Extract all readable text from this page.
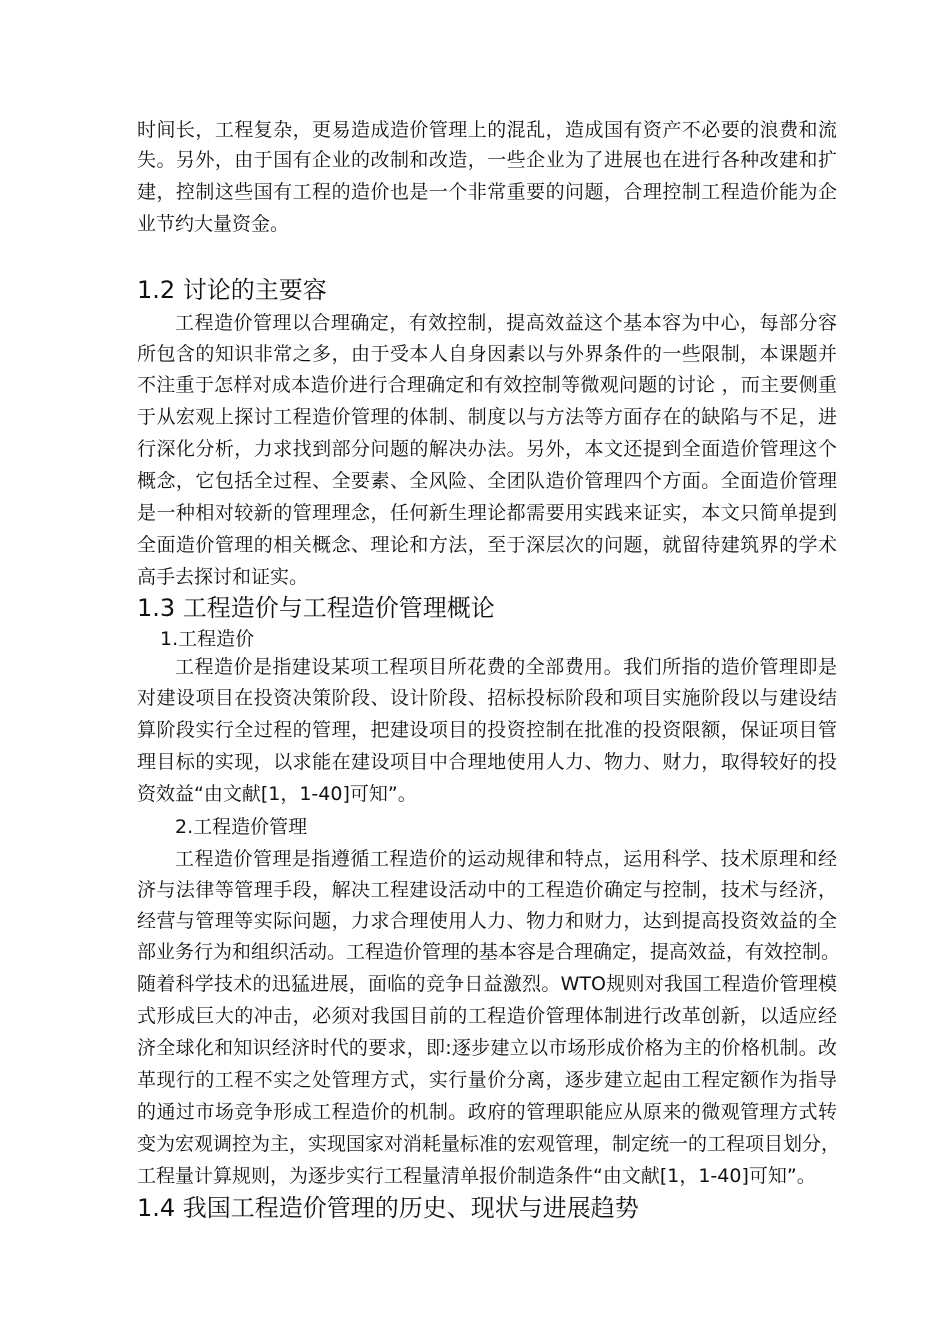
时间长，工程复杂，更易造成造价管理上的混乱，造成国有资产不必要的浪费和流
失。另外，由于国有企业的改制和改造，一些企业为了进展也在进行各种改建和扩
建，控制这些国有工程的造价也是一个非常重要的问题，合理控制工程造价能为企
业节约大量资金。
1.2 讨论的主要容
工程造价管理以合理确定，有效控制，提高效益这个基本容为中心，每部分容
所包含的知识非常之多，由于受本人自身因素以与外界条件的一些限制，本课题并
不注重于怎样对成本造价进行合理确定和有效控制等微观问题的讨论 ，而主要侧重
于从宏观上探讨工程造价管理的体制、制度以与方法等方面存在的缺陷与不足，进
行深化分析，力求找到部分问题的解决办法。另外，本文还提到全面造价管理这个
概念，它包括全过程、全要素、全风险、全团队造价管理四个方面。全面造价管理
是一种相对较新的管理理念，任何新生理论都需要用实践来证实，本文只简单提到
全面造价管理的相关概念、理论和方法，至于深层次的问题，就留待建筑界的学术
高手去探讨和证实。
1.3 工程造价与工程造价管理概论
1.工程造价
工程造价是指建设某项工程项目所花费的全部费用。我们所指的造价管理即是
对建设项目在投资决策阶段、设计阶段、招标投标阶段和项目实施阶段以与建设结
算阶段实行全过程的管理，把建设项目的投资控制在批准的投资限额，保证项目管
理目标的实现，以求能在建设项目中合理地使用人力、物力、财力，取得较好的投
资效益“由文献[1，1-40]可知”。
2.工程造价管理
工程造价管理是指遵循工程造价的运动规律和特点，运用科学、技术原理和经
济与法律等管理手段，解决工程建设活动中的工程造价确定与控制，技术与经济，
经营与管理等实际问题，力求合理使用人力、物力和财力，达到提高投资效益的全
部业务行为和组织活动。工程造价管理的基本容是合理确定，提高效益，有效控制。
随着科学技术的迅猛进展，面临的竞争日益激烈。WTO规则对我国工程造价管理模
式形成巨大的冲击，必须对我国目前的工程造价管理体制进行改革创新，以适应经
济全球化和知识经济时代的要求，即:逐步建立以市场形成价格为主的价格机制。改
革现行的工程不实之处管理方式，实行量价分离，逐步建立起由工程定额作为指导
的通过市场竞争形成工程造价的机制。政府的管理职能应从原来的微观管理方式转
变为宏观调控为主，实现国家对消耗量标准的宏观管理，制定统一的工程项目划分，
工程量计算规则，为逐步实行工程量清单报价制造条件“由文献[1，1-40]可知”。
1.4 我国工程造价管理的历史、现状与进展趋势
